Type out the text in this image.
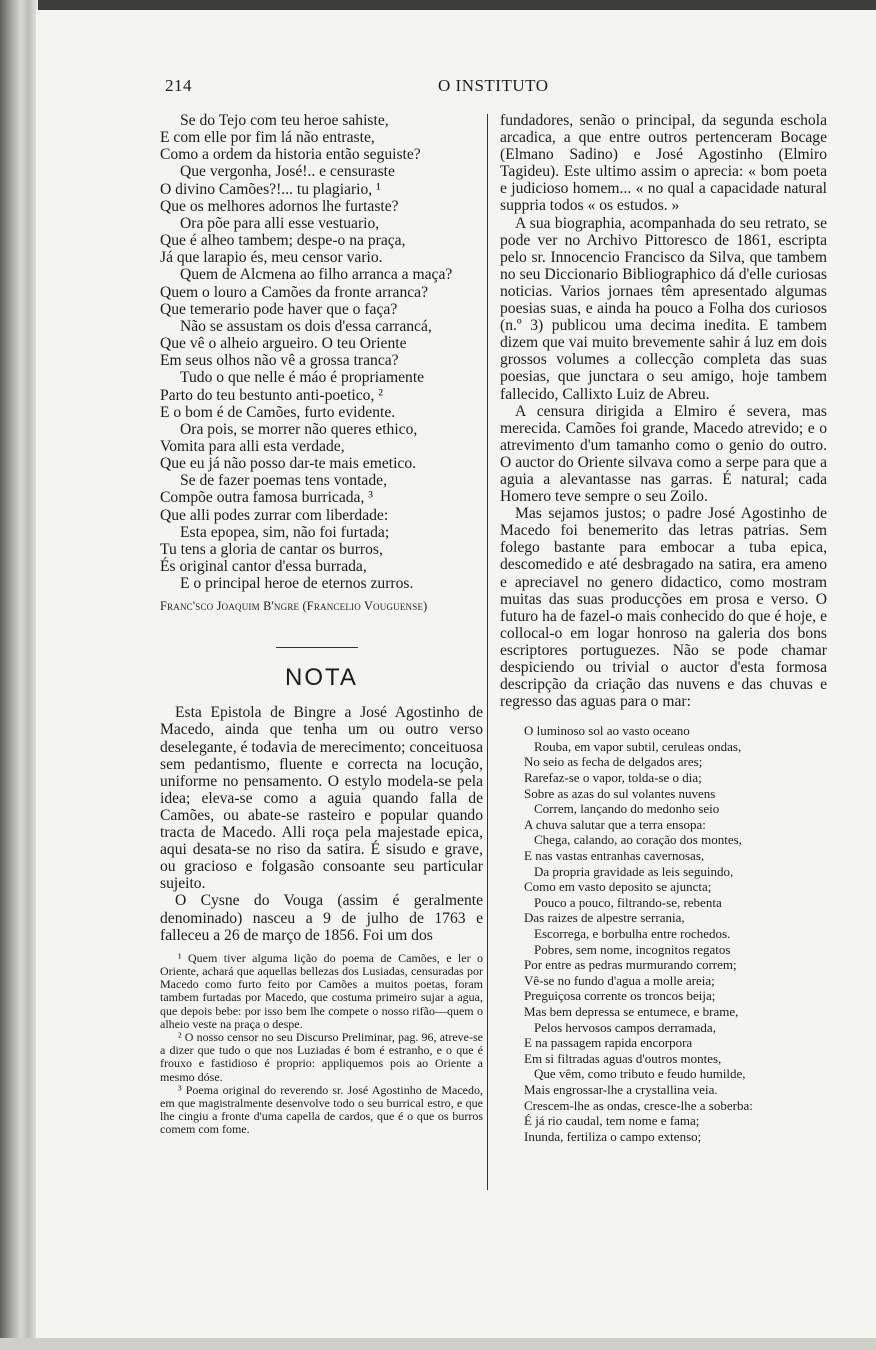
214	O INSTITUTO
Se do Tejo com teu heroe sahiste,
E com elle por fim lá não entraste,
Como a ordem da historia então seguiste?
Que vergonha, José!.. e censuraste
O divino Camões?!... tu plagiario, ¹
Que os melhores adornos lhe furtaste?
Ora põe para alli esse vestuario,
Que é alheo tambem; despe-o na praça,
Já que larapio és, meu censor vario.
Quem de Alcmena ao filho arranca a maça?
Quem o louro a Camões da fronte arranca?
Que temerario pode haver que o faça?
Não se assustam os dois d'essa carrancá,
Que vê o alheio argueiro. O teu Oriente
Em seus olhos não vê a grossa tranca?
Tudo o que nelle é máo é propriamente
Parto do teu bestunto anti-poetico, ²
E o bom é de Camões, furto evidente.
Ora pois, se morrer não queres ethico,
Vomita para alli esta verdade,
Que eu já não posso dar-te mais emetico.
Se de fazer poemas tens vontade,
Compõe outra famosa burricada, ³
Que alli podes zurrar com liberdade:
Esta epopea, sim, não foi furtada;
Tu tens a gloria de cantar os burros,
És original cantor d'essa burrada,
E o principal heroe de eternos zurros.
Franc'sco Joaquim B'ngre (Francelio Vouguense)
NOTA

Esta Epistola de Bingre a José Agostinho de Macedo, ainda que tenha um ou outro verso deselegante, é todavia de merecimento; conceituosa sem pedantismo, fluente e correcta na locução, uniforme no pensamento. O estylo modela-se pela idea; eleva-se como a aguia quando falla de Camões, ou abate-se rasteiro e popular quando tracta de Macedo. Alli roça pela majestade epica, aqui desata-se no riso da satira. É sisudo e grave, ou gracioso e folgasão consoante seu particular sujeito.

O Cysne do Vouga (assim é geralmente denominado) nasceu a 9 de julho de 1763 e falleceu a 26 de março de 1856. Foi um dos

¹ Quem tiver alguma lição do poema de Camões, e ler o Oriente, achará que aquellas bellezas dos Lusiadas, censuradas por Macedo como furto feito por Camões a muitos poetas, foram tambem furtadas por Macedo, que costuma primeiro sujar a agua, que depois bebe: por isso bem lhe compete o nosso rifão—quem o alheio veste na praça o despe.

² O nosso censor no seu Discurso Preliminar, pag. 96, atreve-se a dizer que tudo o que nos Luziadas é bom é estranho, e o que é frouxo e fastidioso é proprio: appliquemos pois ao Oriente a mesmo dóse.

³ Poema original do reverendo sr. José Agostinho de Macedo, em que magistralmente desenvolve todo o seu burrical estro, e que lhe cingiu a fronte d'uma capella de cardos, que é o que os burros comem com fome.

fundadores, senão o principal, da segunda eschola arcadica, a que entre outros pertenceram Bocage (Elmano Sadino) e José Agostinho (Elmiro Tagideu). Este ultimo assim o aprecia: « bom poeta e judicioso homem... « no qual a capacidade natural suppria todos « os estudos. »

A sua biographia, acompanhada do seu retrato, se pode ver no Archivo Pittoresco de 1861, escripta pelo sr. Innocencio Francisco da Silva, que tambem no seu Diccionario Bibliographico dá d'elle curiosas noticias. Varios jornaes têm apresentado algumas poesias suas, e ainda ha pouco a Folha dos curiosos (n.º 3) publicou uma decima inedita. E tambem dizem que vai muito brevemente sahir á luz em dois grossos volumes a collecção completa das suas poesias, que junctara o seu amigo, hoje tambem fallecido, Callixto Luiz de Abreu.

A censura dirigida a Elmiro é severa, mas merecida. Camões foi grande, Macedo atrevido; e o atrevimento d'um tamanho como o genio do outro. O auctor do Oriente silvava como a serpe para que a aguia a alevantasse nas garras. É natural; cada Homero teve sempre o seu Zoilo.

Mas sejamos justos; o padre José Agostinho de Macedo foi benemerito das letras patrias. Sem folego bastante para embocar a tuba epica, descomedido e até desbragado na satira, era ameno e apreciavel no genero didactico, como mostram muitas das suas producções em prosa e verso. O futuro ha de fazel-o mais conhecido do que é hoje, e collocal-o em logar honroso na galeria dos bons escriptores portuguezes. Não se pode chamar despiciendo ou trivial o auctor d'esta formosa descripção da criação das nuvens e das chuvas e regresso das aguas para o mar:

O luminoso sol ao vasto oceano
Rouba, em vapor subtil, ceruleas ondas,
No seio as fecha de delgados ares;
Rarefaz-se o vapor, tolda-se o dia;
Sobre as azas do sul volantes nuvens
Correm, lançando do medonho seio
A chuva salutar que a terra ensopa:
Chega, calando, ao coração dos montes,
E nas vastas entranhas cavernosas,
Da propria gravidade as leis seguindo,
Como em vasto deposito se ajuncta;
Pouco a pouco, filtrando-se, rebenta
Das raizes de alpestre serrania,
Escorrega, e borbulha entre rochedos.
Pobres, sem nome, incognitos regatos
Por entre as pedras murmurando correm;
Vê-se no fundo d'agua a molle areia;
Preguiçosa corrente os troncos beija;
Mas bem depressa se entumece, e brame,
Pelos hervosos campos derramada,
E na passagem rapida encorpora
Em si filtradas aguas d'outros montes,
Que vêm, como tributo e feudo humilde,
Mais engrossar-lhe a crystallina veia.
Crescem-lhe as ondas, cresce-lhe a soberba:
É já rio caudal, tem nome e fama;
Inunda, fertiliza o campo extenso;
